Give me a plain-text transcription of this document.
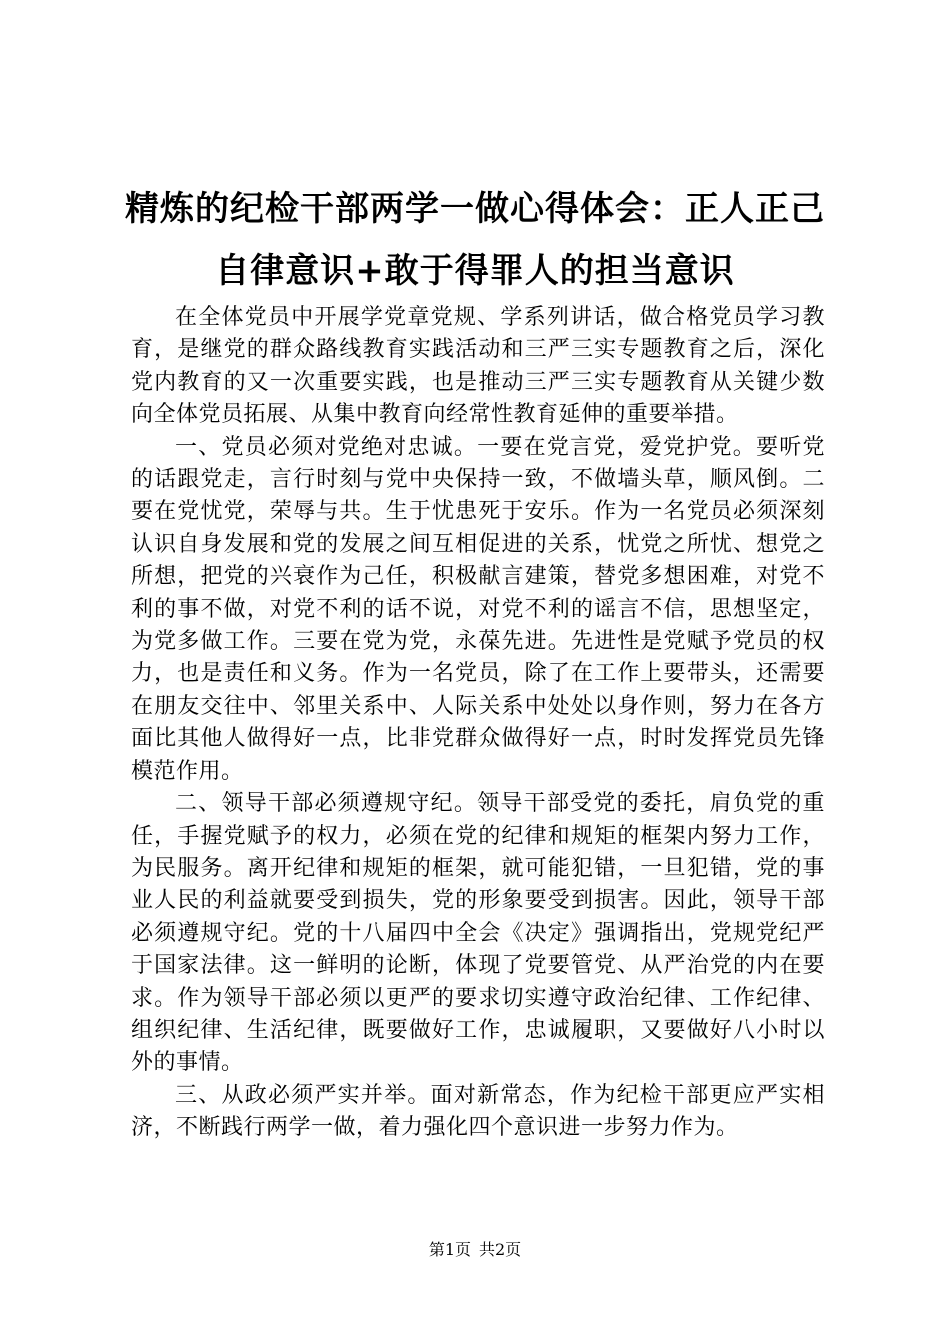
精炼的纪检干部两学一做心得体会：正人正己
自律意识+敢于得罪人的担当意识

在全体党员中开展学党章党规、学系列讲话，做合格党员学习教育，是继党的群众路线教育实践活动和三严三实专题教育之后，深化党内教育的又一次重要实践，也是推动三严三实专题教育从关键少数向全体党员拓展、从集中教育向经常性教育延伸的重要举措。

一、党员必须对党绝对忠诚。一要在党言党，爱党护党。要听党的话跟党走，言行时刻与党中央保持一致，不做墙头草，顺风倒。二要在党忧党，荣辱与共。生于忧患死于安乐。作为一名党员必须深刻认识自身发展和党的发展之间互相促进的关系，忧党之所忧、想党之所想，把党的兴衰作为己任，积极献言建策，替党多想困难，对党不利的事不做，对党不利的话不说，对党不利的谣言不信，思想坚定，为党多做工作。三要在党为党，永葆先进。先进性是党赋予党员的权力，也是责任和义务。作为一名党员，除了在工作上要带头，还需要在朋友交往中、邻里关系中、人际关系中处处以身作则，努力在各方面比其他人做得好一点，比非党群众做得好一点，时时发挥党员先锋模范作用。

二、领导干部必须遵规守纪。领导干部受党的委托，肩负党的重任，手握党赋予的权力，必须在党的纪律和规矩的框架内努力工作，为民服务。离开纪律和规矩的框架，就可能犯错，一旦犯错，党的事业人民的利益就要受到损失，党的形象要受到损害。因此，领导干部必须遵规守纪。党的十八届四中全会《决定》强调指出，党规党纪严于国家法律。这一鲜明的论断，体现了党要管党、从严治党的内在要求。作为领导干部必须以更严的要求切实遵守政治纪律、工作纪律、组织纪律、生活纪律，既要做好工作，忠诚履职，又要做好八小时以外的事情。

三、从政必须严实并举。面对新常态，作为纪检干部更应严实相济，不断践行两学一做，着力强化四个意识进一步努力作为。

第1页 共2页
